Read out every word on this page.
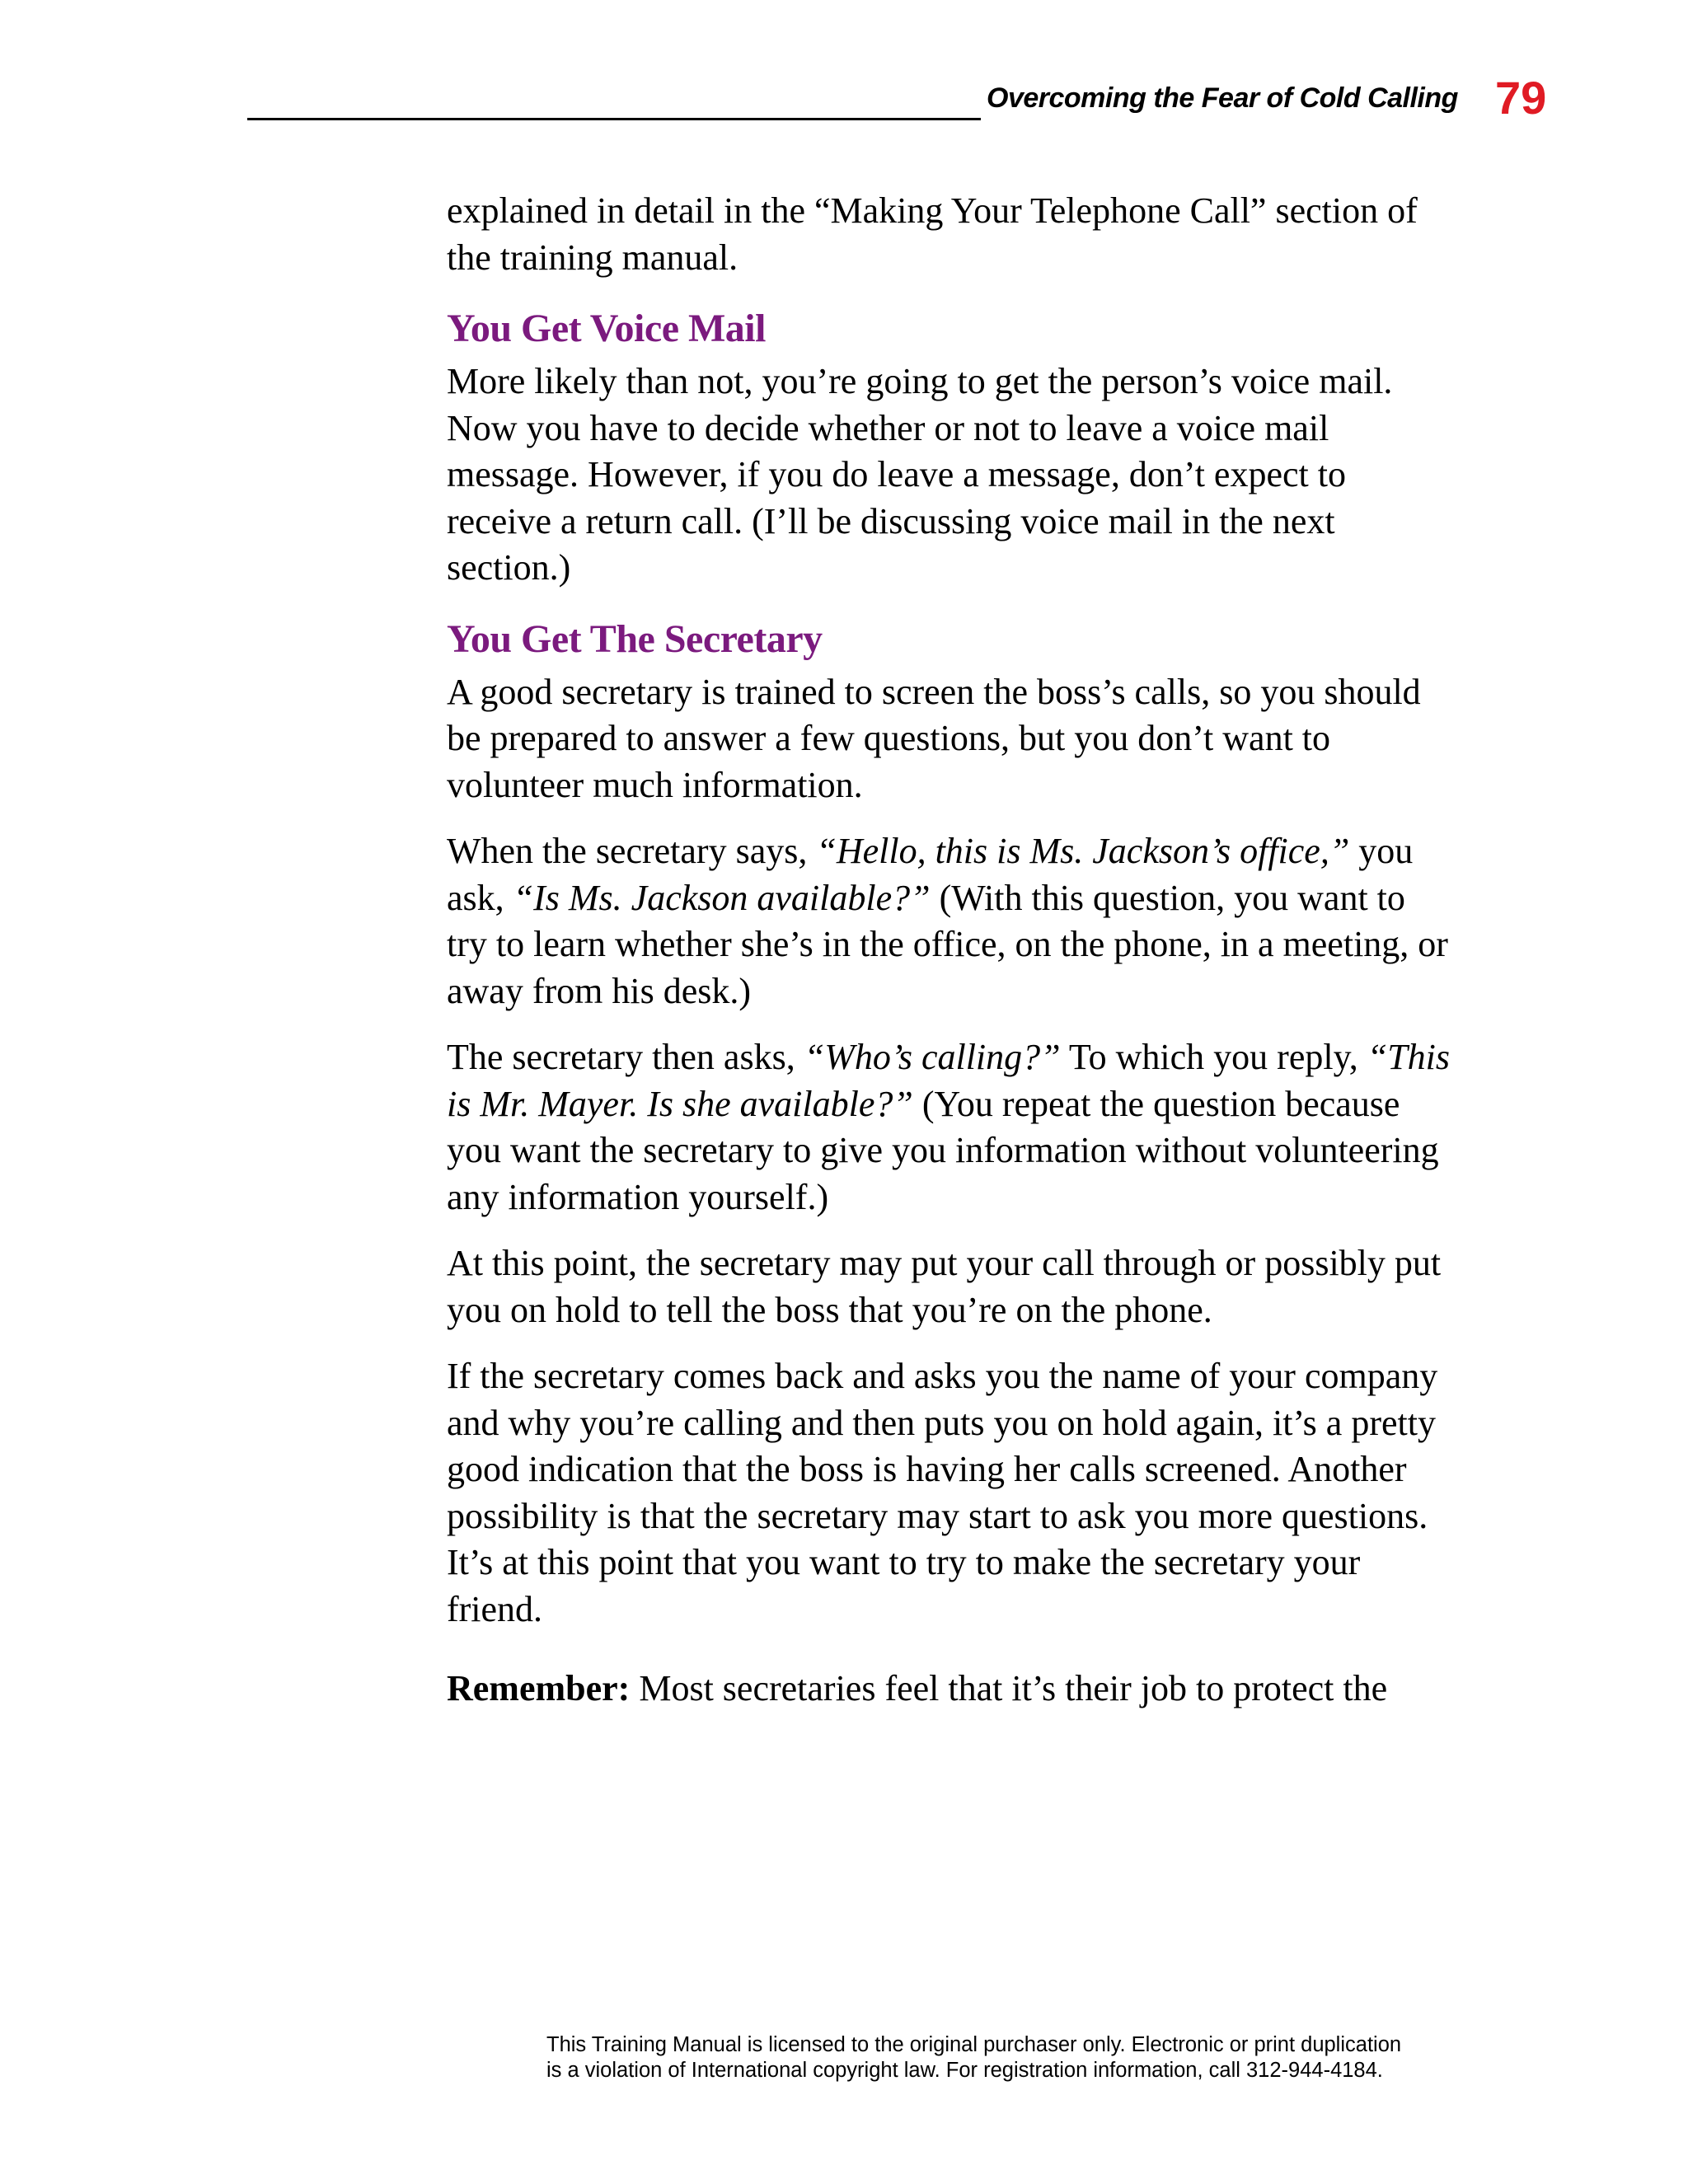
Overcoming the Fear of Cold Calling 79

explained in detail in the “Making Your Telephone Call” section of the training manual.

You Get Voice Mail

More likely than not, you’re going to get the person’s voice mail. Now you have to decide whether or not to leave a voice mail message. However, if you do leave a message, don’t expect to receive a return call. (I’ll be discussing voice mail in the next section.)

You Get The Secretary

A good secretary is trained to screen the boss’s calls, so you should be prepared to answer a few questions, but you don’t want to volunteer much information.

When the secretary says, “Hello, this is Ms. Jackson’s office,” you ask, “Is Ms. Jackson available?” (With this question, you want to try to learn whether she’s in the office, on the phone, in a meeting, or away from his desk.)

The secretary then asks, “Who’s calling?” To which you reply, “This is Mr. Mayer. Is she available?” (You repeat the question because you want the secretary to give you information without volunteering any information yourself.)

At this point, the secretary may put your call through or possibly put you on hold to tell the boss that you’re on the phone.

If the secretary comes back and asks you the name of your company and why you’re calling and then puts you on hold again, it’s a pretty good indication that the boss is having her calls screened. Another possibility is that the secretary may start to ask you more questions. It’s at this point that you want to try to make the secretary your friend.

Remember: Most secretaries feel that it’s their job to protect the

This Training Manual is licensed to the original purchaser only. Electronic or print duplication
is a violation of International copyright law. For registration information, call 312-944-4184.
